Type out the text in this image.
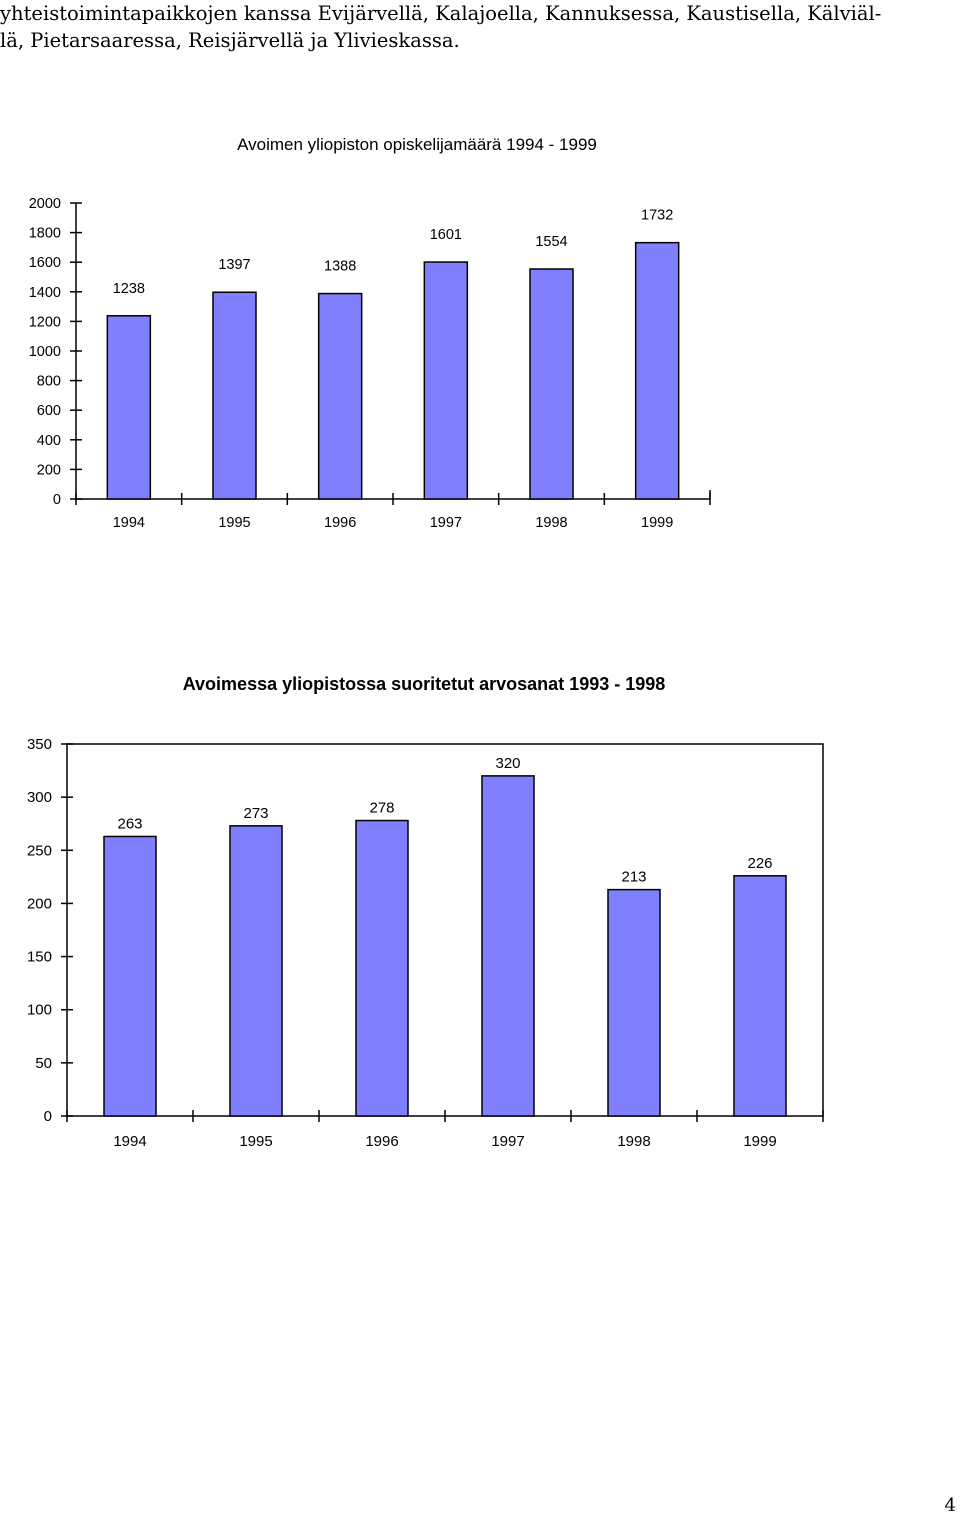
yhteistoimintapaikkojen kanssa Evijärvellä, Kalajoella, Kannuksessa, Kaustisella, Kälviäl-
lä, Pietarsaaressa, Reisjärvellä ja Ylivieskassa.
Avoimen yliopiston opiskelijamäärä 1994 - 1999
0
200
400
600
800
1000
1200
1400
1600
1800
2000
1238
1994
1397
1995
1388
1996
1601
1997
1554
1998
1732
1999
Avoimessa yliopistossa suoritetut arvosanat 1993 - 1998
0
50
100
150
200
250
300
350
263
1994
273
1995
278
1996
320
1997
213
1998
226
1999
4
